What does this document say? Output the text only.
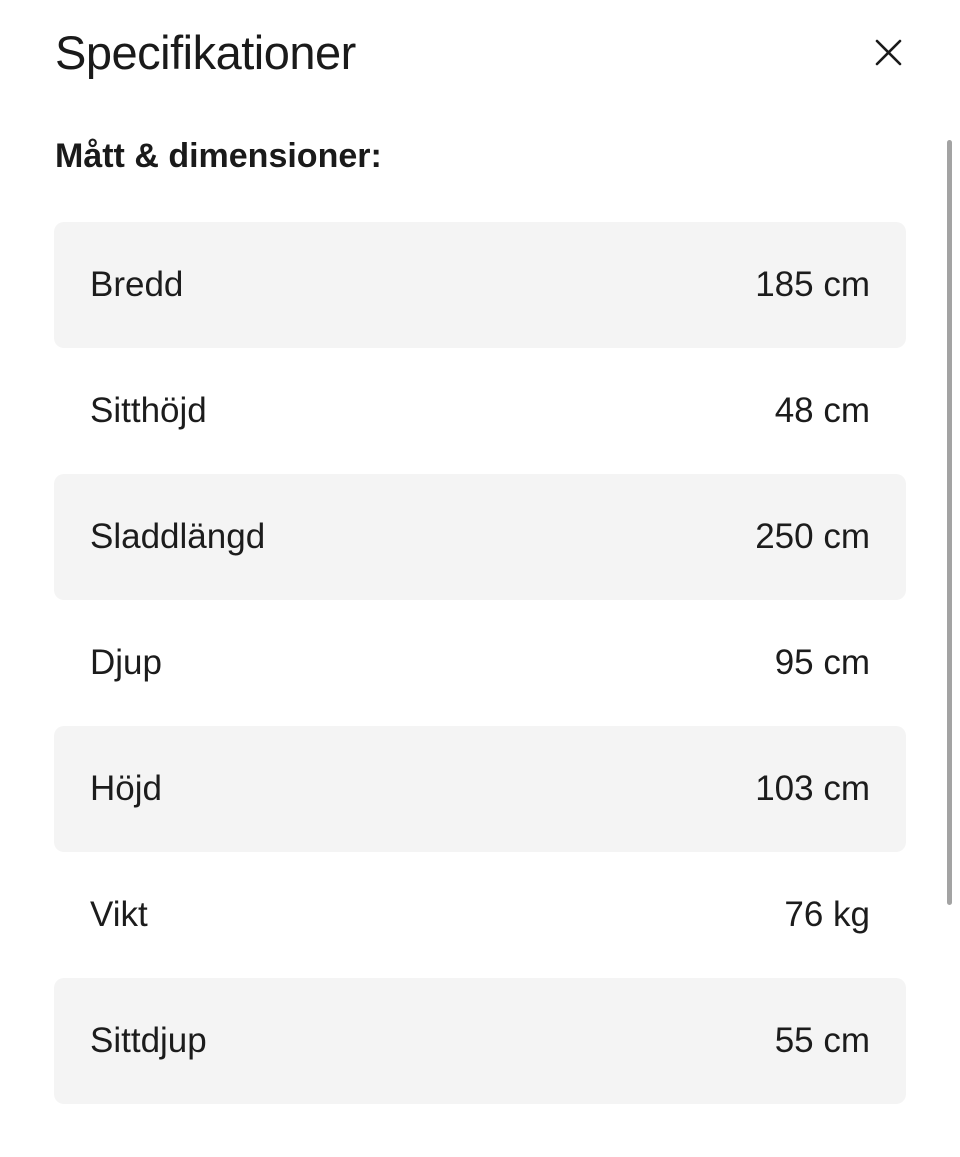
Specifikationer
Mått & dimensioner:
Bredd	185 cm
Sitthöjd	48 cm
Sladdlängd	250 cm
Djup	95 cm
Höjd	103 cm
Vikt	76 kg
Sittdjup	55 cm
